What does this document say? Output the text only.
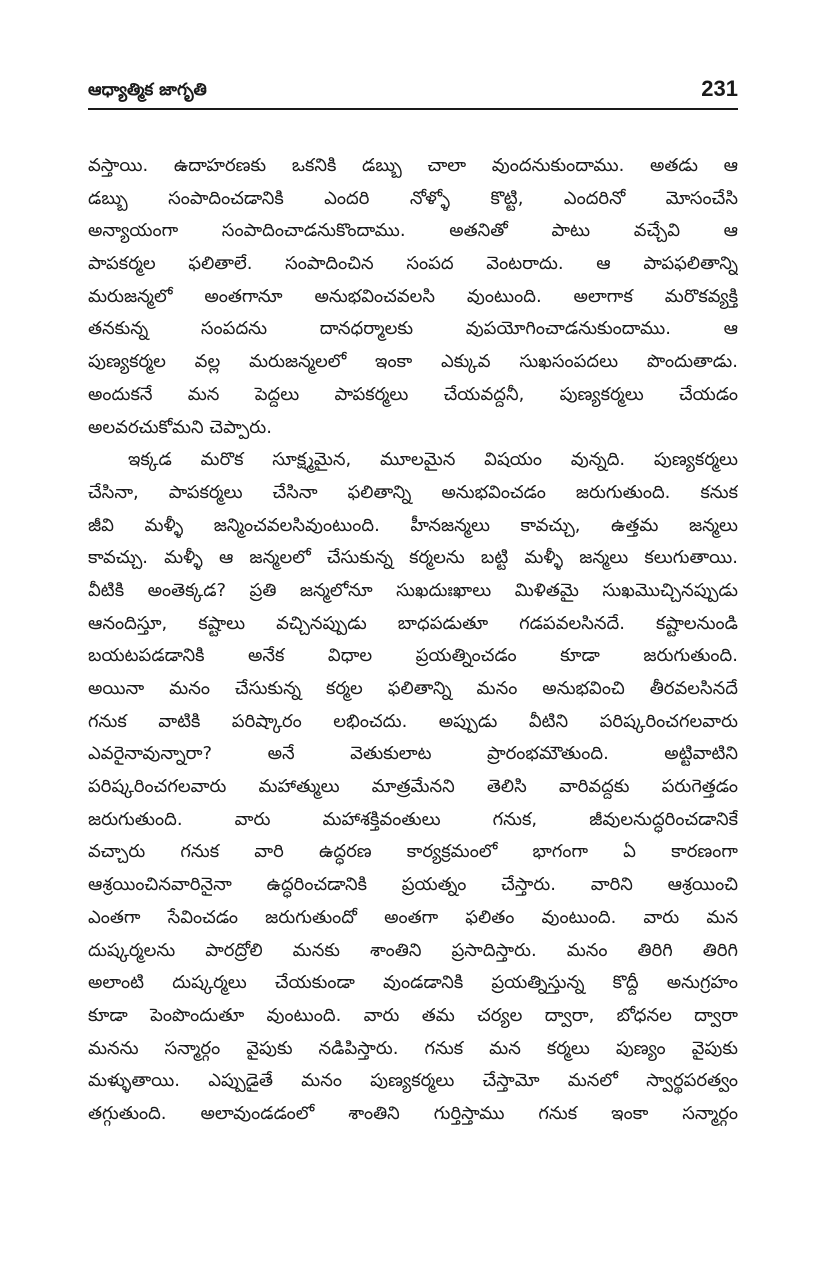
ఆధ్యాత్మిక జాగృతి	231
వస్తాయి. ఉదాహరణకు ఒకనికి డబ్బు చాలా వుందనుకుందాము. అతడు ఆ
డబ్బు సంపాదించడానికి ఎందరి నోళ్ళో కొట్టి, ఎందరినో మోసంచేసి
అన్యాయంగా సంపాదించాడనుకొందాము. అతనితో పాటు వచ్చేవి ఆ
పాపకర్మల ఫలితాలే. సంపాదించిన సంపద వెంటరాదు. ఆ పాపఫలితాన్ని
మరుజన్మలో అంతగానూ అనుభవించవలసి వుంటుంది. అలాగాక మరొకవ్యక్తి
తనకున్న సంపదను దానధర్మాలకు వుపయోగించాడనుకుందాము. ఆ
పుణ్యకర్మల వల్ల మరుజన్మలలో ఇంకా ఎక్కువ సుఖసంపదలు పొందుతాడు.
అందుకనే మన పెద్దలు పాపకర్మలు చేయవద్దనీ, పుణ్యకర్మలు చేయడం
అలవరచుకోమని చెప్పారు.
ఇక్కడ మరొక సూక్ష్మమైన, మూలమైన విషయం వున్నది. పుణ్యకర్మలు
చేసినా, పాపకర్మలు చేసినా ఫలితాన్ని అనుభవించడం జరుగుతుంది. కనుక
జీవి మళ్ళీ జన్మించవలసివుంటుంది. హీనజన్మలు కావచ్చు, ఉత్తమ జన్మలు
కావచ్చు. మళ్ళీ ఆ జన్మలలో చేసుకున్న కర్మలను బట్టి మళ్ళీ జన్మలు కలుగుతాయి.
వీటికి అంతెక్కడ? ప్రతి జన్మలోనూ సుఖదుఃఖాలు మిళితమై సుఖమొచ్చినప్పుడు
ఆనందిస్తూ, కష్టాలు వచ్చినప్పుడు బాధపడుతూ గడపవలసినదే. కష్టాలనుండి
బయటపడడానికి అనేక విధాల ప్రయత్నించడం కూడా జరుగుతుంది.
అయినా మనం చేసుకున్న కర్మల ఫలితాన్ని మనం అనుభవించి తీరవలసినదే
గనుక వాటికి పరిష్కారం లభించదు. అప్పుడు వీటిని పరిష్కరించగలవారు
ఎవరైనావున్నారా? అనే వెతుకులాట ప్రారంభమౌతుంది. అట్టివాటిని
పరిష్కరించగలవారు మహాత్ములు మాత్రమేనని తెలిసి వారివద్దకు పరుగెత్తడం
జరుగుతుంది. వారు మహాశక్తివంతులు గనుక, జీవులనుద్ధరించడానికే
వచ్చారు గనుక వారి ఉద్ధరణ కార్యక్రమంలో భాగంగా ఏ కారణంగా
ఆశ్రయించినవారినైనా ఉద్ధరించడానికి ప్రయత్నం చేస్తారు. వారిని ఆశ్రయించి
ఎంతగా సేవించడం జరుగుతుందో అంతగా ఫలితం వుంటుంది. వారు మన
దుష్కర్మలను పారద్రోలి మనకు శాంతిని ప్రసాదిస్తారు. మనం తిరిగి తిరిగి
అలాంటి దుష్కర్మలు చేయకుండా వుండడానికి ప్రయత్నిస్తున్న కొద్దీ అనుగ్రహం
కూడా పెంపొందుతూ వుంటుంది. వారు తమ చర్యల ద్వారా, బోధనల ద్వారా
మనను సన్మార్గం వైపుకు నడిపిస్తారు. గనుక మన కర్మలు పుణ్యం వైపుకు
మళ్ళుతాయి. ఎప్పుడైతే మనం పుణ్యకర్మలు చేస్తామో మనలో స్వార్థపరత్వం
తగ్గుతుంది. అలావుండడంలో శాంతిని గుర్తిస్తాము గనుక ఇంకా సన్మార్గం
